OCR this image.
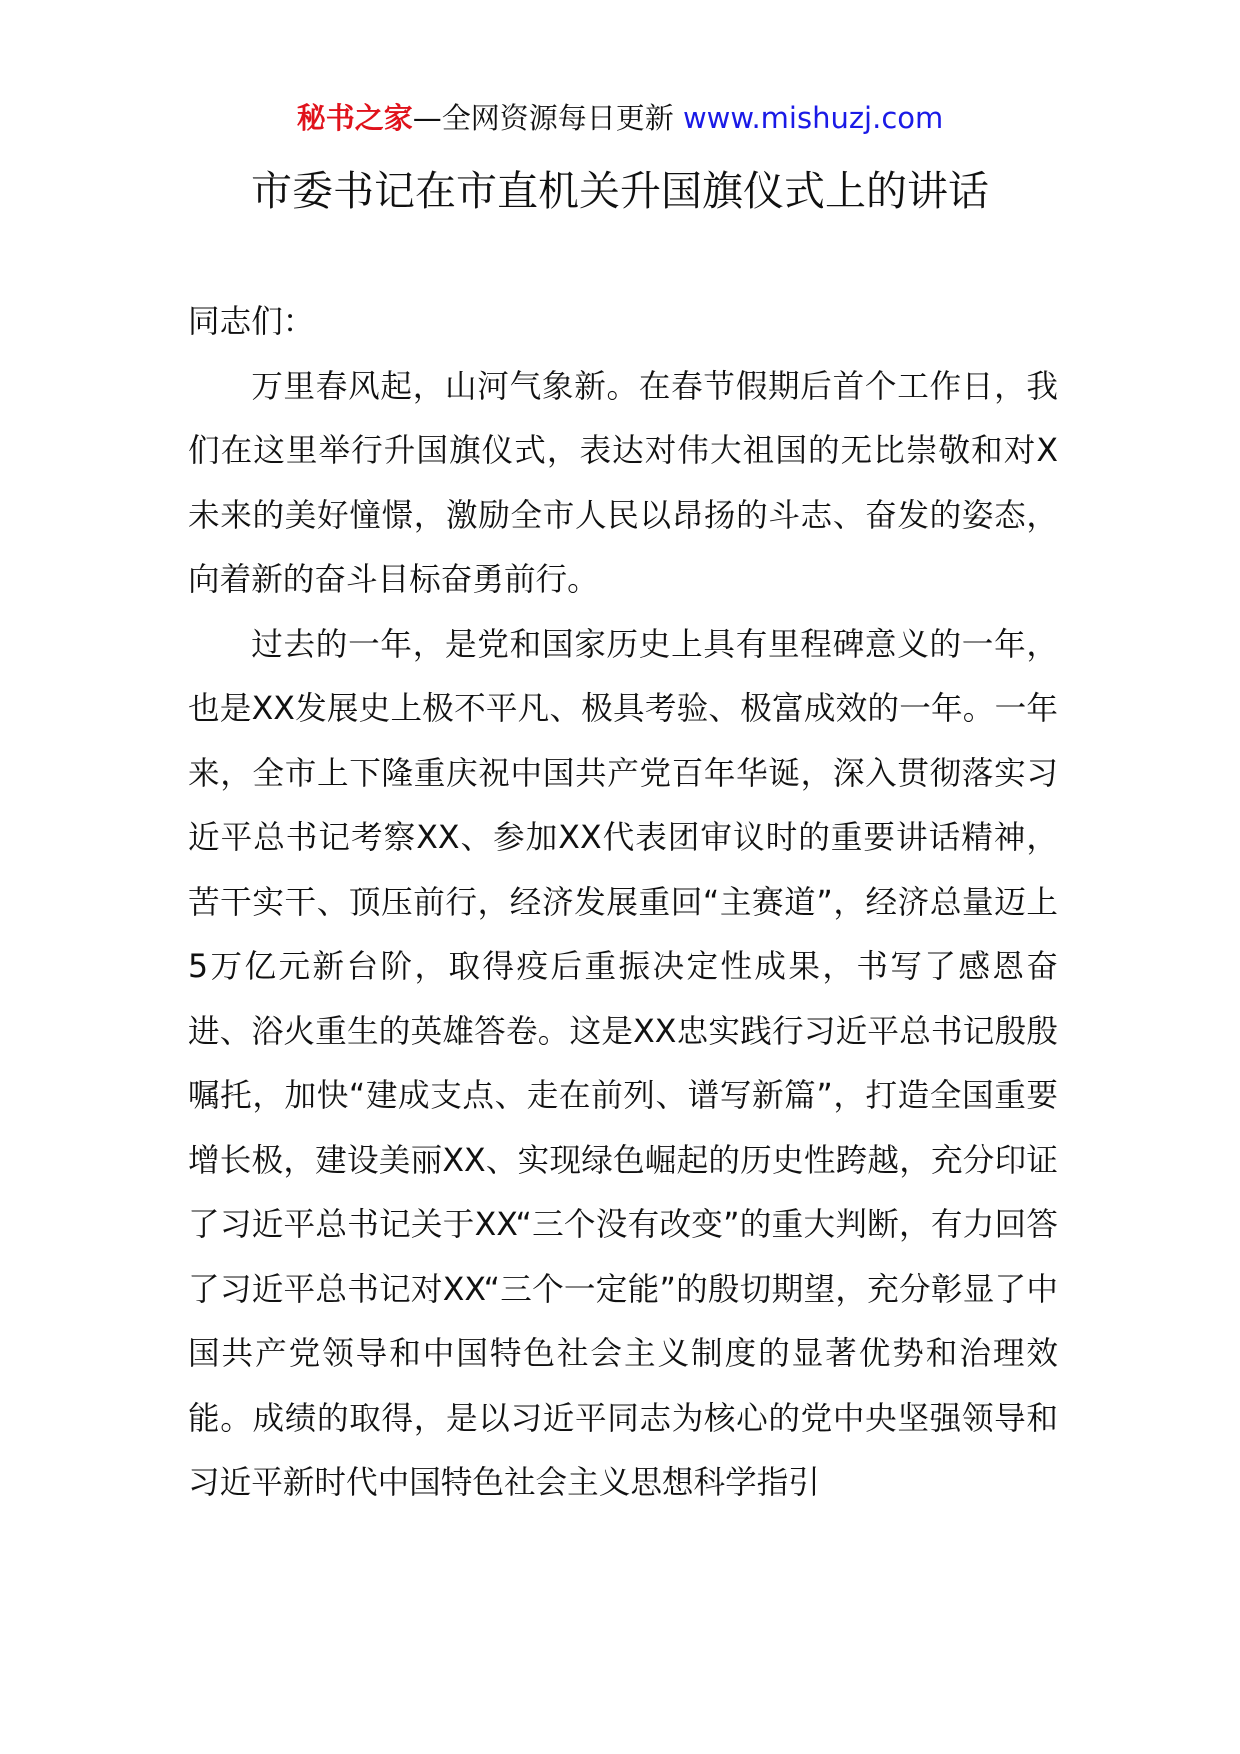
秘书之家—全网资源每日更新 www.mishuzj.com
市委书记在市直机关升国旗仪式上的讲话

同志们：

万里春风起，山河气象新。在春节假期后首个工作日，我们在这里举行升国旗仪式，表达对伟大祖国的无比崇敬和对X未来的美好憧憬，激励全市人民以昂扬的斗志、奋发的姿态，向着新的奋斗目标奋勇前行。

过去的一年，是党和国家历史上具有里程碑意义的一年，也是XX发展史上极不平凡、极具考验、极富成效的一年。一年来，全市上下隆重庆祝中国共产党百年华诞，深入贯彻落实习近平总书记考察XX、参加XX代表团审议时的重要讲话精神，苦干实干、顶压前行，经济发展重回“主赛道”，经济总量迈上5万亿元新台阶，取得疫后重振决定性成果，书写了感恩奋进、浴火重生的英雄答卷。这是XX忠实践行习近平总书记殷殷嘱托，加快“建成支点、走在前列、谱写新篇”，打造全国重要增长极，建设美丽XX、实现绿色崛起的历史性跨越，充分印证了习近平总书记关于XX“三个没有改变”的重大判断，有力回答了习近平总书记对XX“三个一定能”的殷切期望，充分彰显了中国共产党领导和中国特色社会主义制度的显著优势和治理效能。成绩的取得，是以习近平同志为核心的党中央坚强领导和习近平新时代中国特色社会主义思想科学指引
